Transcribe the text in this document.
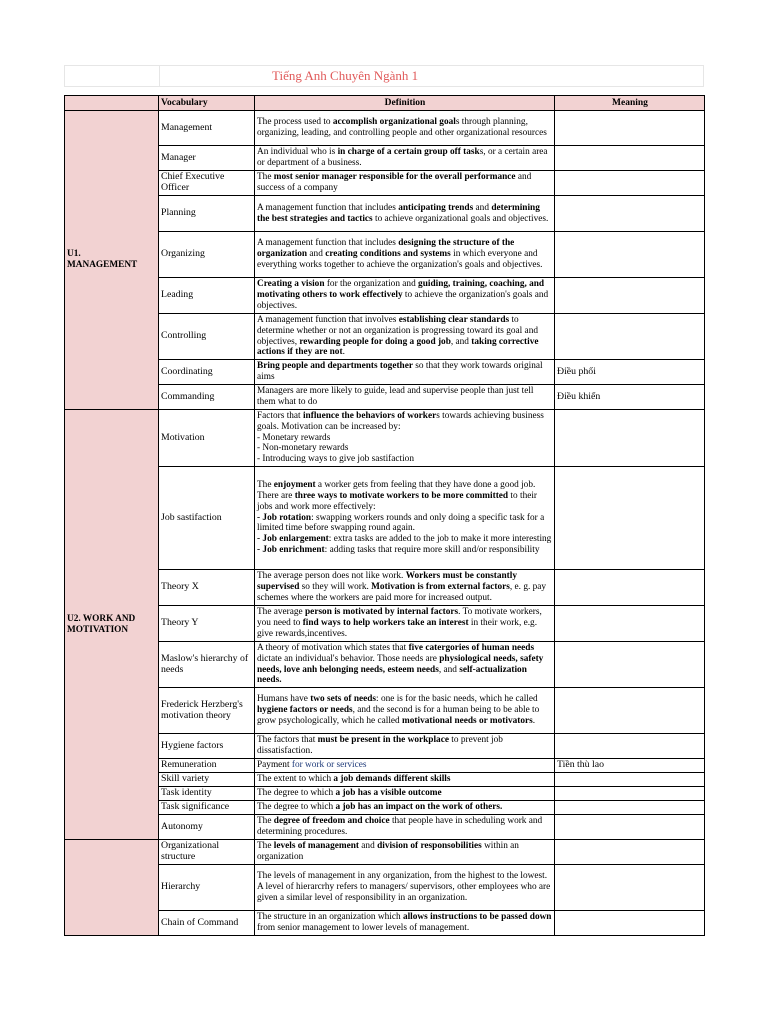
Tiếng Anh Chuyên Ngành 1
	Vocabulary	Definition	Meaning
U1.
MANAGEMENT	Management	The process used to accomplish organizational goals through planning, organizing, leading, and controlling people and other organizational resources	
	Manager	An individual who is in charge of a certain group off tasks, or a certain area or department of a business.	
	Chief Executive Officer	The most senior manager responsible for the overall performance and success of a company	
	Planning	A management function that includes anticipating trends and determining the best strategies and tactics to achieve organizational goals and objectives.	
	Organizing	A management function that includes designing the structure of the organization and creating conditions and systems in which everyone and everything works together to achieve the organization's goals and objectives.	
	Leading	Creating a vision for the organization and guiding, training, coaching, and motivating others to work effectively to achieve the organization's goals and objectives.	
	Controlling	A management function that involves establishing clear standards to determine whether or not an organization is progressing toward its goal and objectives, rewarding people for doing a good job, and taking corrective actions if they are not.	
	Coordinating	Bring people and departments together so that they work towards original aims	Điều phối
	Commanding	Managers are more likely to guide, lead and supervise people than just tell them what to do	Điều khiển
U2. WORK AND
MOTIVATION	Motivation	Factors that influence the behaviors of workers towards achieving business goals. Motivation can be increased by:
- Monetary rewards
- Non-monetary rewards
- Introducing ways to give job sastifaction	
	Job sastifaction	The enjoyment a worker gets from feeling that they have done a good job. There are three ways to motivate workers to be more committed to their jobs and work more effectively:
- Job rotation: swapping workers rounds and only doing a specific task for a limited time before swapping round again.
- Job enlargement: extra tasks are added to the job to make it more interesting
- Job enrichment: adding tasks that require more skill and/or responsibility	
	Theory X	The average person does not like work. Workers must be constantly supervised so they will work. Motivation is from external factors, e. g. pay schemes where the workers are paid more for increased output.	
	Theory Y	The average person is motivated by internal factors. To motivate workers, you need to find ways to help workers take an interest in their work, e.g. give rewards,incentives.	
	Maslow's hierarchy of needs	A theory of motivation which states that five catergories of human needs dictate an individual's behavior. Those needs are physiological needs, safety needs, love anh belonging needs, esteem needs, and self-actualization needs.	
	Frederick Herzberg's motivation theory	Humans have two sets of needs: one is for the basic needs, which he called hygiene factors or needs, and the second is for a human being to be able to grow psychologically, which he called motivational needs or motivators.	
	Hygiene factors	The factors that must be present in the workplace to prevent job dissatisfaction.	
	Remuneration	Payment for work or services	Tiền thù lao
	Skill variety	The extent to which a job demands different skills	
	Task identity	The degree to which a job has a visible outcome	
	Task significance	The degree to which a job has an impact on the work of others.	
	Autonomy	The degree of freedom and choice that people have in scheduling work and determining procedures.	
	Organizational structure	The levels of management and division of responsobilities within an organization	
	Hierarchy	The levels of management in any organization, from the highest to the lowest. A level of hierarcrhy refers to managers/ supervisors, other employees who are given a similar level of responsibility in an organization.	
	Chain of Command	The structure in an organization which allows instructions to be passed down from senior management to lower levels of management.	
